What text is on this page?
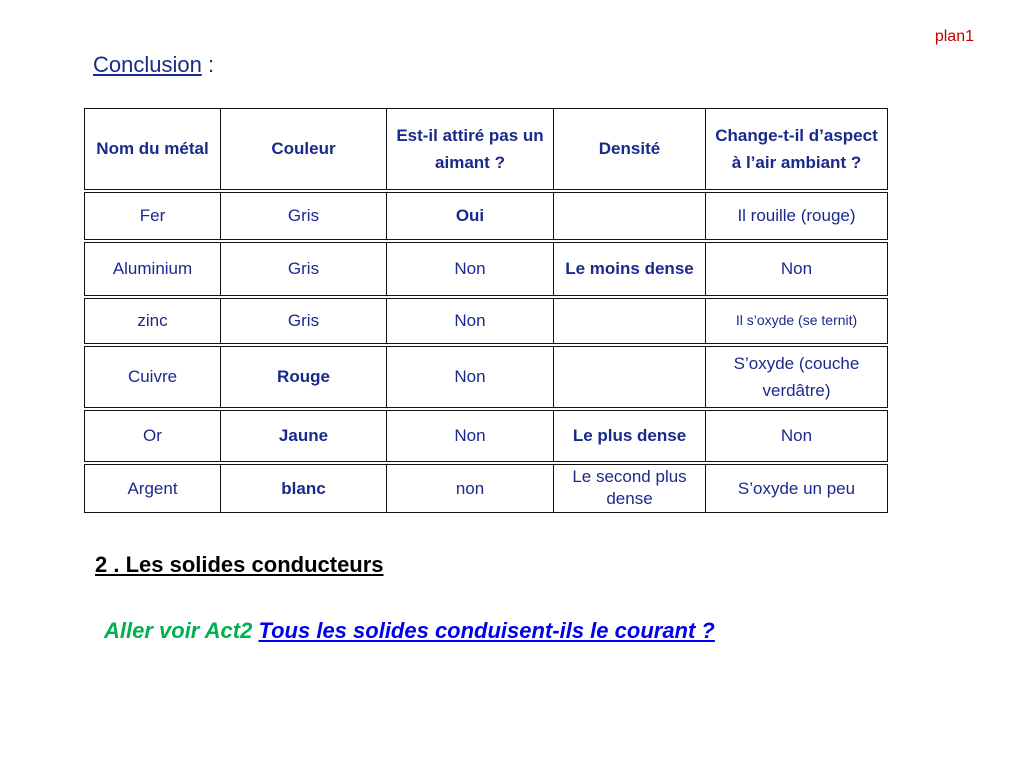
plan1
Conclusion :
Nom du métal	Couleur	Est-il attiré pas un aimant ?	Densité	Change-t-il d’aspect à l’air ambiant ?
Fer	Gris	Oui		Il rouille (rouge)
Aluminium	Gris	Non	Le moins dense	Non
zinc	Gris	Non		Il s’oxyde (se ternit)
Cuivre	Rouge	Non		S’oxyde (couche verdâtre)
Or	Jaune	Non	Le plus dense	Non
Argent	blanc	non	Le second plus dense	S’oxyde un peu
2 . Les solides conducteurs
Aller voir Act2 Tous les solides conduisent-ils le courant ?
